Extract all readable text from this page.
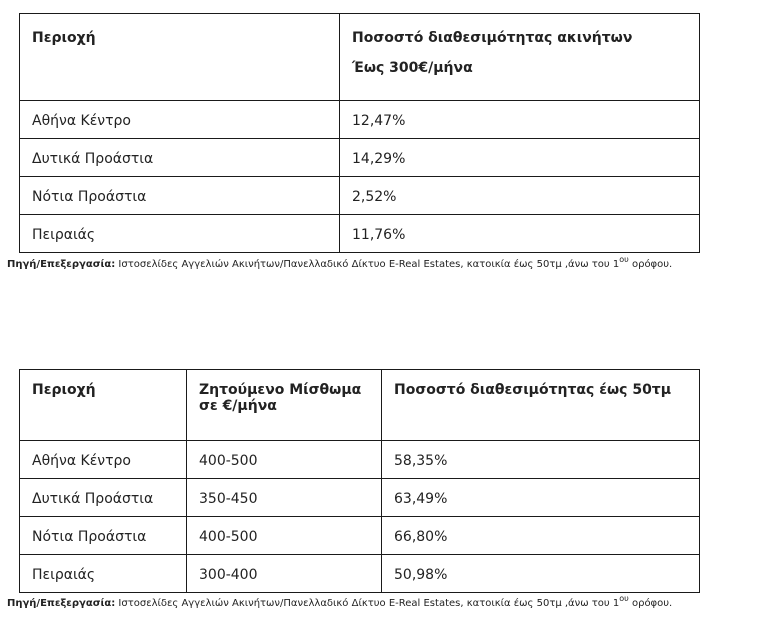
Περιοχή	Ποσοστό διαθεσιμότητας ακινήτων
Έως 300€/μήνα

Αθήνα Κέντρο	12,47%
Δυτικά Προάστια	14,29%
Νότια Προάστια	2,52%
Πειραιάς	11,76%
Πηγή/Επεξεργασία: Ιστοσελίδες Αγγελιών Ακινήτων/Πανελλαδικό Δίκτυο E-Real Estates, κατοικία έως 50τμ ,άνω του $1^{o\upsilon}$ ορόφου.
Περιοχή	Ζητούμενο Μίσθωμα σε €/μήνα	Ποσοστό διαθεσιμότητας έως 50τμ
Αθήνα Κέντρο	400-500	58,35%
Δυτικά Προάστια	350-450	63,49%
Νότια Προάστια	400-500	66,80%
Πειραιάς	300-400	50,98%
Πηγή/Επεξεργασία: Ιστοσελίδες Αγγελιών Ακινήτων/Πανελλαδικό Δίκτυο E-Real Estates, κατοικία έως 50τμ ,άνω του $1^{o\upsilon}$ ορόφου.
